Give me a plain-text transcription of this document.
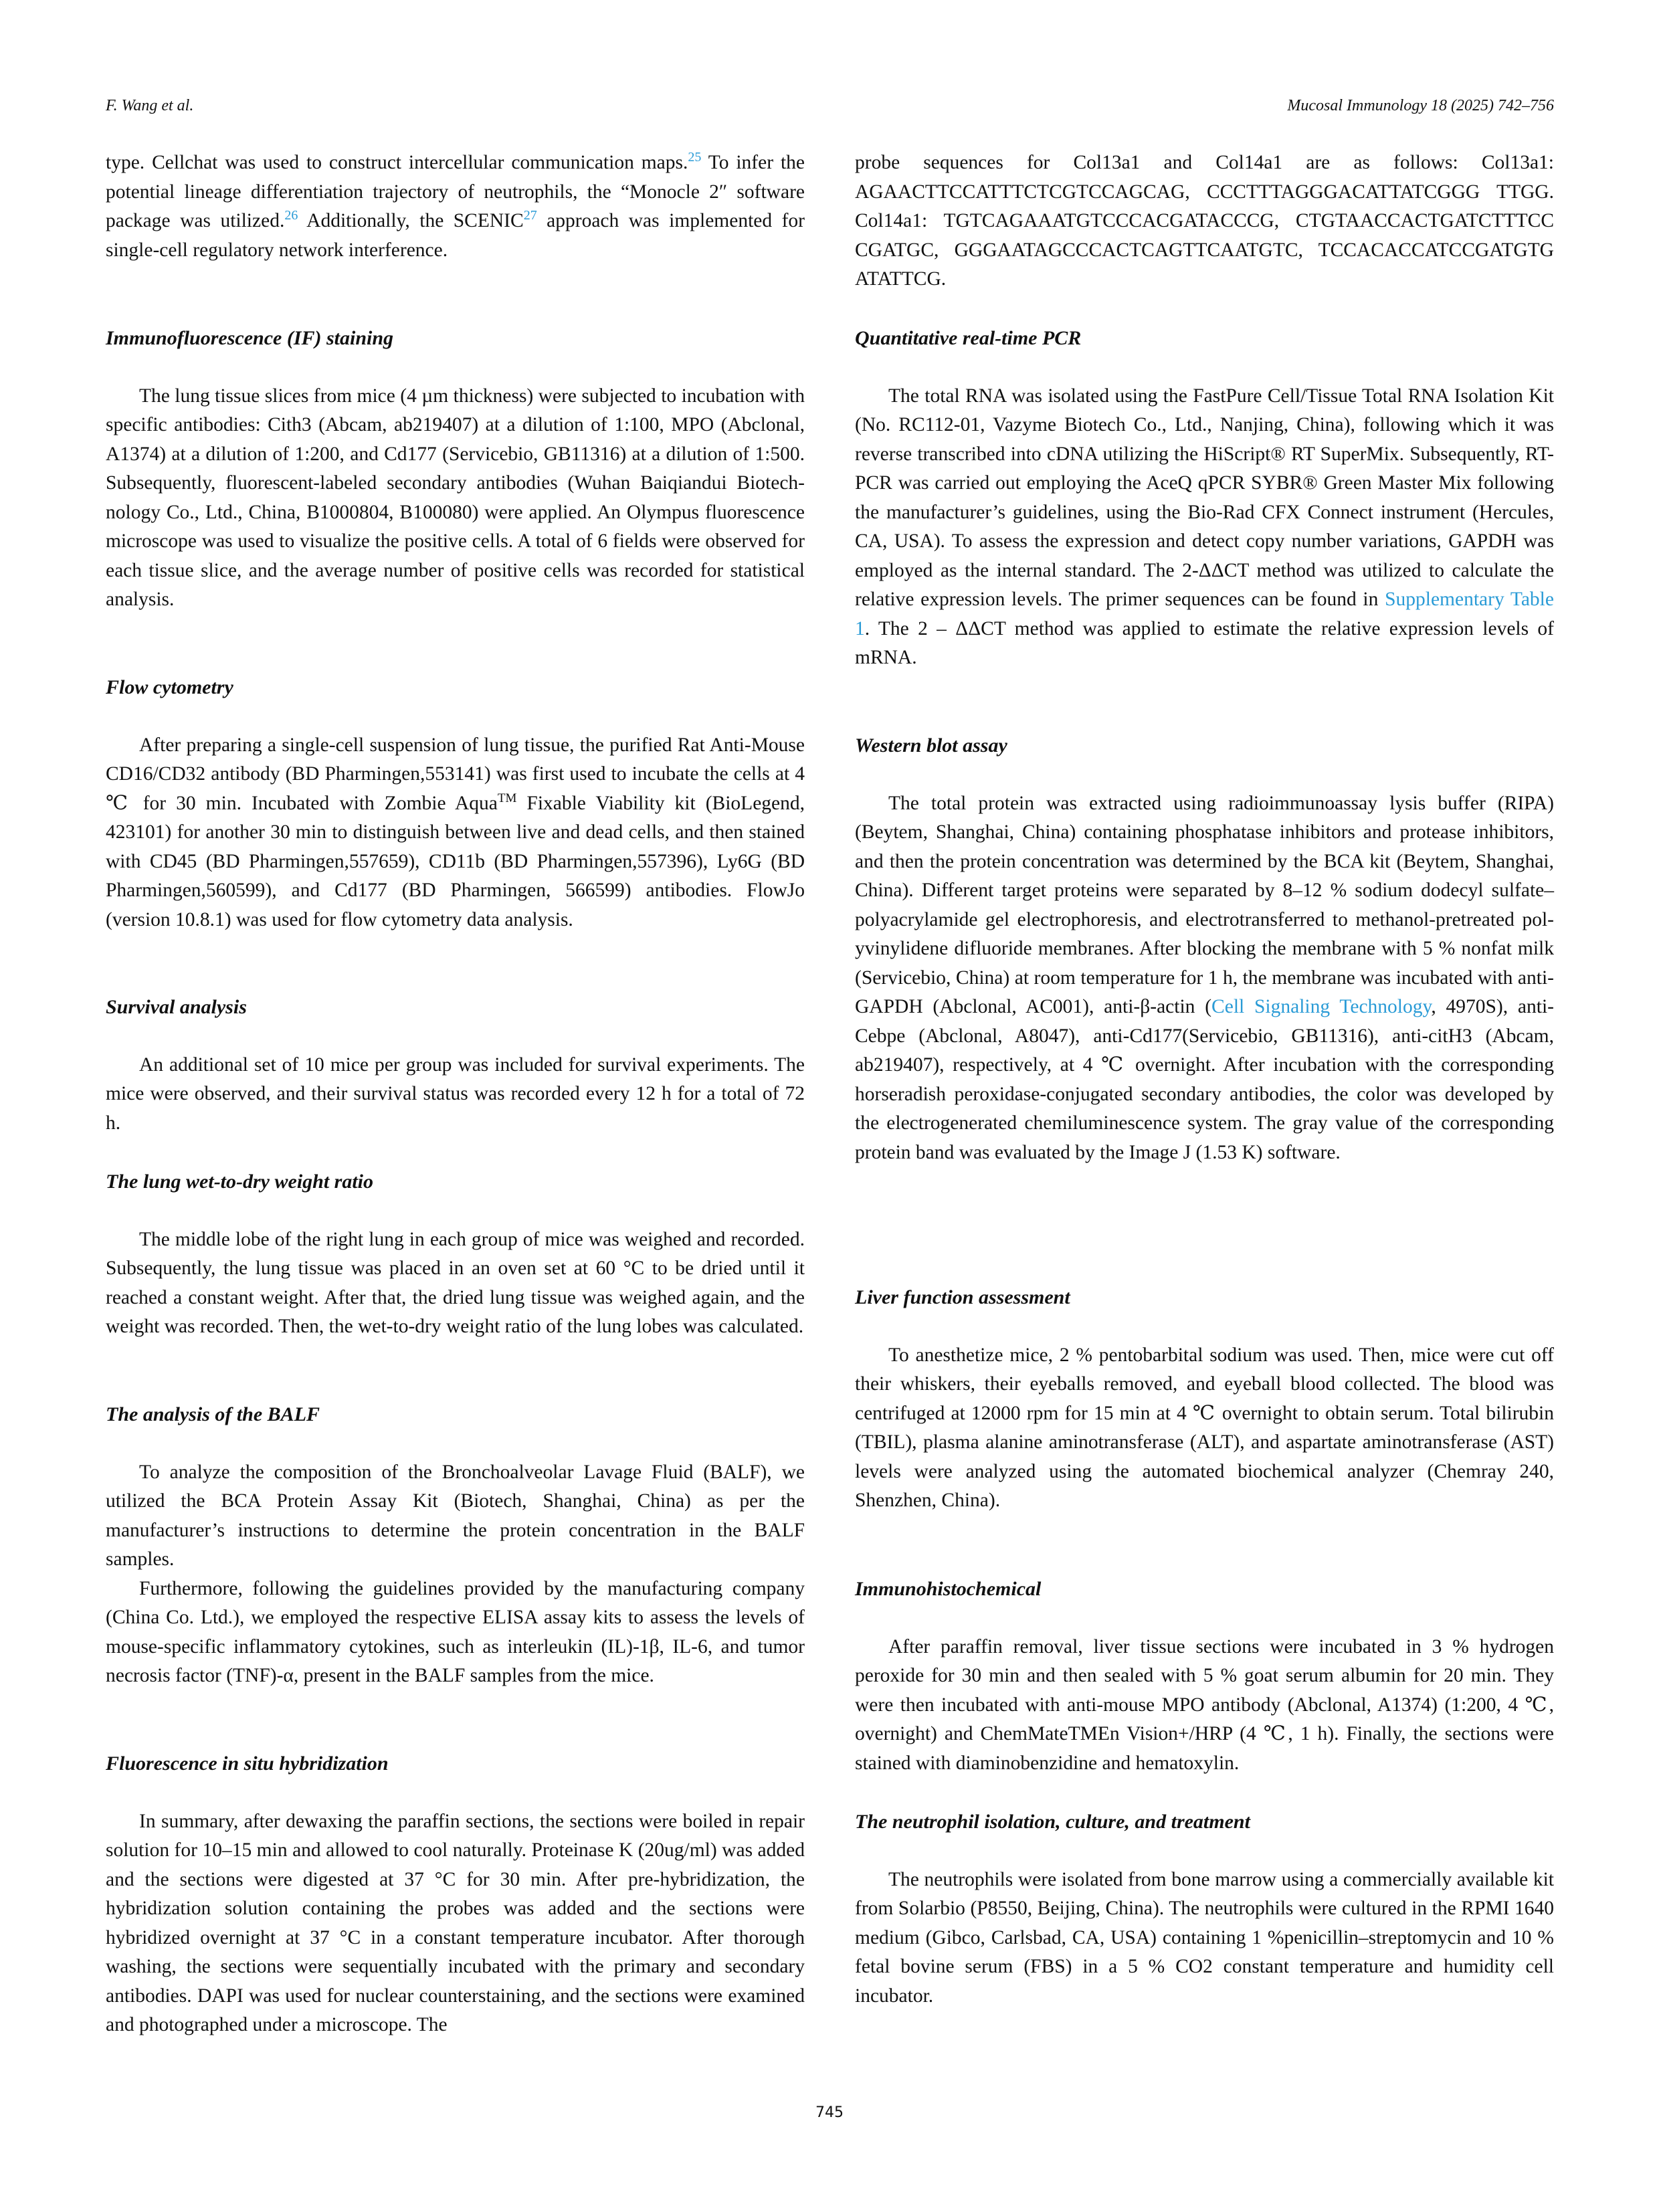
F. Wang et al.	Mucosal Immunology 18 (2025) 742–756

type. Cellchat was used to construct intercellular communication maps.$^{25}$ To infer the potential lineage differentiation trajectory of neutrophils, the “Monocle 2″ software package was utilized.$^{26}$ Additionally, the SCENIC$^{27}$ approach was implemented for single-cell regulatory network interference.

Immunofluorescence (IF) staining

The lung tissue slices from mice (4 µm thickness) were subjected to incubation with specific antibodies: Cith3 (Abcam, ab219407) at a dilution of 1:100, MPO (Abclonal, A1374) at a dilution of 1:200, and Cd177 (Servicebio, GB11316) at a dilution of 1:500. Subsequently, fluorescent-labeled secondary antibodies (Wuhan Baiqiandui Biotechnology Co., Ltd., China, B1000804, B100080) were applied. An Olympus fluorescence microscope was used to visualize the positive cells. A total of 6 fields were observed for each tissue slice, and the average number of positive cells was recorded for statistical analysis.

Flow cytometry

After preparing a single-cell suspension of lung tissue, the purified Rat Anti-Mouse CD16/CD32 antibody (BD Pharmingen,553141) was first used to incubate the cells at 4 ℃ for 30 min. Incubated with Zombie Aqua™ Fixable Viability kit (BioLegend, 423101) for another 30 min to distinguish between live and dead cells, and then stained with CD45 (BD Pharmingen,557659), CD11b (BD Pharmingen,557396), Ly6G (BD Pharmingen,560599), and Cd177 (BD Pharmingen, 566599) antibodies. FlowJo (version 10.8.1) was used for flow cytometry data analysis.

Survival analysis

An additional set of 10 mice per group was included for survival experiments. The mice were observed, and their survival status was recorded every 12 h for a total of 72 h.

The lung wet-to-dry weight ratio

The middle lobe of the right lung in each group of mice was weighed and recorded. Subsequently, the lung tissue was placed in an oven set at 60 °C to be dried until it reached a constant weight. After that, the dried lung tissue was weighed again, and the weight was recorded. Then, the wet-to-dry weight ratio of the lung lobes was calculated.

The analysis of the BALF

To analyze the composition of the Bronchoalveolar Lavage Fluid (BALF), we utilized the BCA Protein Assay Kit (Biotech, Shanghai, China) as per the manufacturer’s instructions to determine the protein concentration in the BALF samples.

Furthermore, following the guidelines provided by the manufacturing company (China Co. Ltd.), we employed the respective ELISA assay kits to assess the levels of mouse-specific inflammatory cytokines, such as interleukin (IL)-1β, IL-6, and tumor necrosis factor (TNF)-α, present in the BALF samples from the mice.

Fluorescence in situ hybridization

In summary, after dewaxing the paraffin sections, the sections were boiled in repair solution for 10–15 min and allowed to cool naturally. Proteinase K (20ug/ml) was added and the sections were digested at 37 °C for 30 min. After pre-hybridization, the hybridization solution containing the probes was added and the sections were hybridized overnight at 37 °C in a constant temperature incubator. After thorough washing, the sections were sequentially incubated with the primary and secondary antibodies. DAPI was used for nuclear counterstaining, and the sections were examined and photographed under a microscope. The

probe sequences for Col13a1 and Col14a1 are as follows: Col13a1: AGAACTTCCATTTCTCGTCCAGCAG, CCCTTTAGGGACATTATCGGG TTGG. Col14a1: TGTCAGAAATGTCCCACGATACCCG, CTGTAACCACTGATCTTTCC CGATGC, GGGAATAGCCCACTCAGTTCAATGTC, TCCACACCATCCGATGTG ATATTCG.

Quantitative real-time PCR

The total RNA was isolated using the FastPure Cell/Tissue Total RNA Isolation Kit (No. RC112-01, Vazyme Biotech Co., Ltd., Nanjing, China), following which it was reverse transcribed into cDNA utilizing the HiScript® RT SuperMix. Subsequently, RT-PCR was carried out employing the AceQ qPCR SYBR® Green Master Mix following the manufacturer’s guidelines, using the Bio-Rad CFX Connect instrument (Hercules, CA, USA). To assess the expression and detect copy number variations, GAPDH was employed as the internal standard. The 2-ΔΔCT method was utilized to calculate the relative expression levels. The primer sequences can be found in Supplementary Table 1. The 2 – ΔΔCT method was applied to estimate the relative expression levels of mRNA.

Western blot assay

The total protein was extracted using radioimmunoassay lysis buffer (RIPA) (Beytem, Shanghai, China) containing phosphatase inhibitors and protease inhibitors, and then the protein concentration was determined by the BCA kit (Beytem, Shanghai, China). Different target proteins were separated by 8–12 % sodium dodecyl sulfate–polyacrylamide gel electrophoresis, and electrotransferred to methanol-pretreated polyvinylidene difluoride membranes. After blocking the membrane with 5 % nonfat milk (Servicebio, China) at room temperature for 1 h, the membrane was incubated with anti-GAPDH (Abclonal, AC001), anti-β-actin (Cell Signaling Technology, 4970S), anti-Cebpe (Abclonal, A8047), anti-Cd177(Servicebio, GB11316), anti-citH3 (Abcam, ab219407), respectively, at 4 ℃ overnight. After incubation with the corresponding horseradish peroxidase-conjugated secondary antibodies, the color was developed by the electrogenerated chemiluminescence system. The gray value of the corresponding protein band was evaluated by the Image J (1.53 K) software.

Liver function assessment

To anesthetize mice, 2 % pentobarbital sodium was used. Then, mice were cut off their whiskers, their eyeballs removed, and eyeball blood collected. The blood was centrifuged at 12000 rpm for 15 min at 4 ℃ overnight to obtain serum. Total bilirubin (TBIL), plasma alanine aminotransferase (ALT), and aspartate aminotransferase (AST) levels were analyzed using the automated biochemical analyzer (Chemray 240, Shenzhen, China).

Immunohistochemical

After paraffin removal, liver tissue sections were incubated in 3 % hydrogen peroxide for 30 min and then sealed with 5 % goat serum albumin for 20 min. They were then incubated with anti-mouse MPO antibody (Abclonal, A1374) (1:200, 4 ℃, overnight) and ChemMateTMEn Vision+/HRP (4 ℃, 1 h). Finally, the sections were stained with diaminobenzidine and hematoxylin.

The neutrophil isolation, culture, and treatment

The neutrophils were isolated from bone marrow using a commercially available kit from Solarbio (P8550, Beijing, China). The neutrophils were cultured in the RPMI 1640 medium (Gibco, Carlsbad, CA, USA) containing 1 %penicillin–streptomycin and 10 % fetal bovine serum (FBS) in a 5 % CO2 constant temperature and humidity cell incubator.

745
